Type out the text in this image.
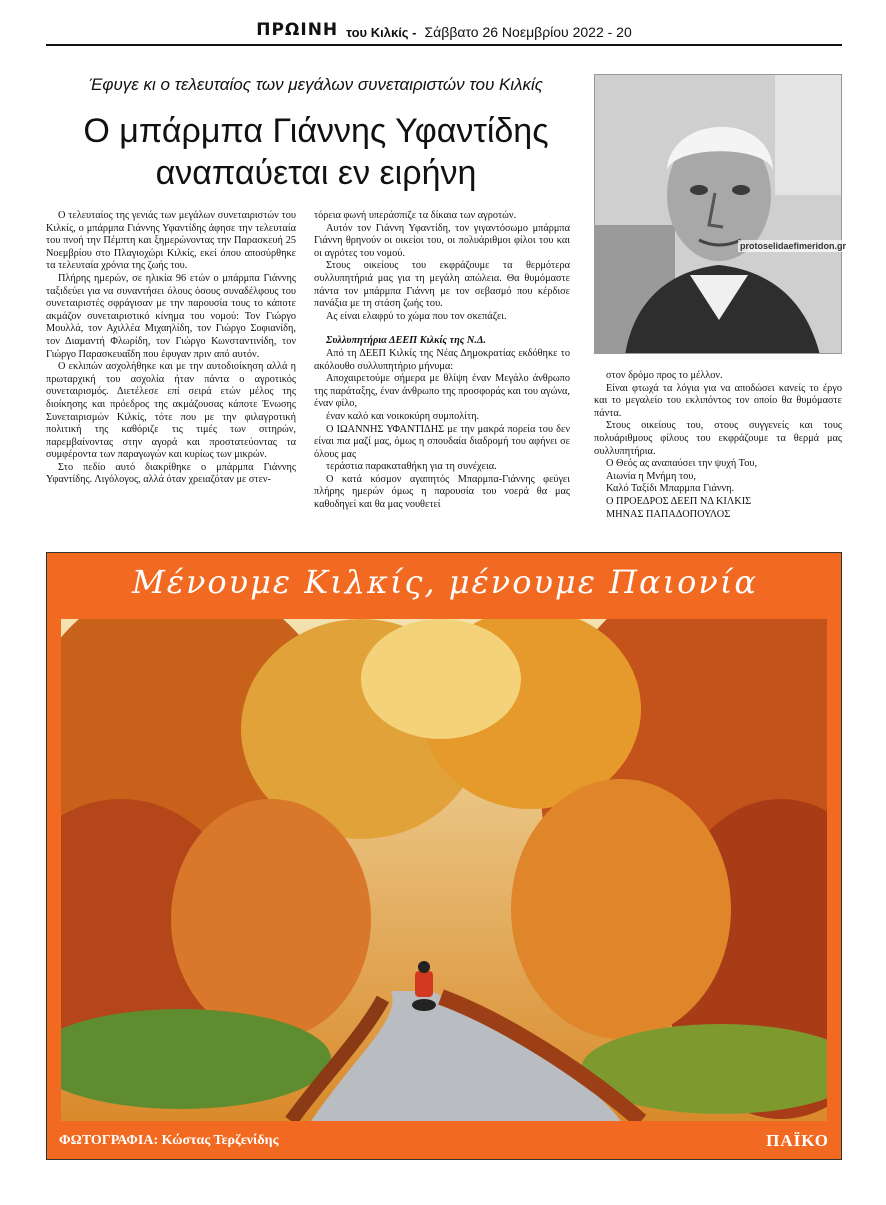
ΠΡΩΙΝΗ του Κιλκίς - Σάββατο 26 Νοεμβρίου 2022 - 20
Έφυγε κι ο τελευταίος των μεγάλων συνεταιριστών του Κιλκίς
Ο μπάρμπα Γιάννης Υφαντίδης
αναπαύεται εν ειρήνη
protoselidaefimeridon.gr

Ο τελευταίος της γενιάς των μεγάλων συνεταιριστών του Κιλκίς, ο μπάρμπα Γιάννης Υφαντίδης άφησε την τελευταία του πνοή την Πέμπτη και ξημερώνοντας την Παρασκευή 25 Νοεμβρίου στο Πλαγιοχώρι Κιλκίς, εκεί όπου αποσύρθηκε τα τελευταία χρόνια της ζωής του.

Πλήρης ημερών, σε ηλικία 96 ετών ο μπάρμπα Γιάννης ταξιδεύει για να συναντήσει όλους όσους συναδέλφους του συνεταιριστές σφράγισαν με την παρουσία τους το κάποτε ακμάζον συνεταιριστικό κίνημα του νομού: Τον Γιώργο Μουλλά, τον Αχιλλέα Μιχαηλίδη, τον Γιώργο Σοφιανίδη, τον Διαμαντή Φλωρίδη, τον Γιώργο Κωνσταντινίδη, τον Γιώργο Παρασκευαΐδη που έφυγαν πριν από αυτόν.

Ο εκλιπών ασχολήθηκε και με την αυτοδιοίκηση αλλά η πρωταρχική του ασχολία ήταν πάντα ο αγροτικός συνεταιρισμός. Διετέλεσε επί σειρά ετών μέλος της διοίκησης και πρόεδρος της ακμάζουσας κάποτε Ένωσης Συνεταιρισμών Κιλκίς, τότε που με την φιλαγροτική πολιτική της καθόριζε τις τιμές των σιτηρών, παρεμβαίνοντας στην αγορά και προστατεύοντας τα συμφέροντα των παραγωγών και κυρίως των μικρών.

Στο πεδίο αυτό διακρίθηκε ο μπάρμπα Γιάννης Υφαντίδης. Λιγόλογος, αλλά όταν χρειαζόταν με στεν-

τόρεια φωνή υπεράσπιζε τα δίκαια των αγροτών.

Αυτόν τον Γιάννη Υφαντίδη, τον γιγαντόσωμο μπάρμπα Γιάννη θρηνούν οι οικείοι του, οι πολυάριθμοι φίλοι του και οι αγρότες του νομού.

Στους οικείους του εκφράζουμε τα θερμότερα συλλυπητήριά μας για τη μεγάλη απώλεια. Θα θυμόμαστε πάντα τον μπάρμπα Γιάννη με τον σεβασμό που κέρδισε πανάξια με τη στάση ζωής του.

Ας είναι ελαφρύ το χώμα που τον σκεπάζει.

Συλλυπητήρια ΔΕΕΠ Κιλκίς της Ν.Δ.

Από τη ΔΕΕΠ Κιλκίς της Νέας Δημοκρατίας εκδόθηκε το ακόλουθο συλλυπητήριο μήνυμα:

Αποχαιρετούμε σήμερα με θλίψη έναν Μεγάλο άνθρωπο της παράταξης, έναν άνθρωπο της προσφοράς και του αγώνα, έναν φίλο,

έναν καλό και νοικοκύρη συμπολίτη.

Ο ΙΩΑΝΝΗΣ ΥΦΑΝΤΙΔΗΣ με την μακρά πορεία του δεν είναι πια μαζί μας, όμως η σπουδαία διαδρομή του αφήνει σε όλους μας

τεράστια παρακαταθήκη για τη συνέχεια.

Ο κατά κόσμον αγαπητός Μπαρμπα-Γιάννης φεύγει πλήρης ημερών όμως η παρουσία του νοερά θα μας καθοδηγεί και θα μας νουθετεί

στον δρόμο προς το μέλλον.

Είναι φτωχά τα λόγια για να αποδώσει κανείς το έργο και το μεγαλείο του εκλιπόντος τον οποίο θα θυμόμαστε πάντα.

Στους οικείους του, στους συγγενείς και τους πολυάριθμους φίλους του εκφράζουμε τα θερμά μας συλλυπητήρια.

Ο Θεός ας αναπαύσει την ψυχή Του,

Αιωνία η Μνήμη του,

Καλό Ταξίδι Μπαρμπα Γιάννη.

Ο ΠΡΟΕΔΡΟΣ ΔΕΕΠ ΝΔ ΚΙΛΚΙΣ

ΜΗΝΑΣ ΠΑΠΑΔΟΠΟΥΛΟΣ

Μένουμε Κιλκίς, μένουμε Παιονία
ΦΩΤΟΓΡΑΦΙΑ: Κώστας Τερζενίδης	ΠΑΪΚΟ
